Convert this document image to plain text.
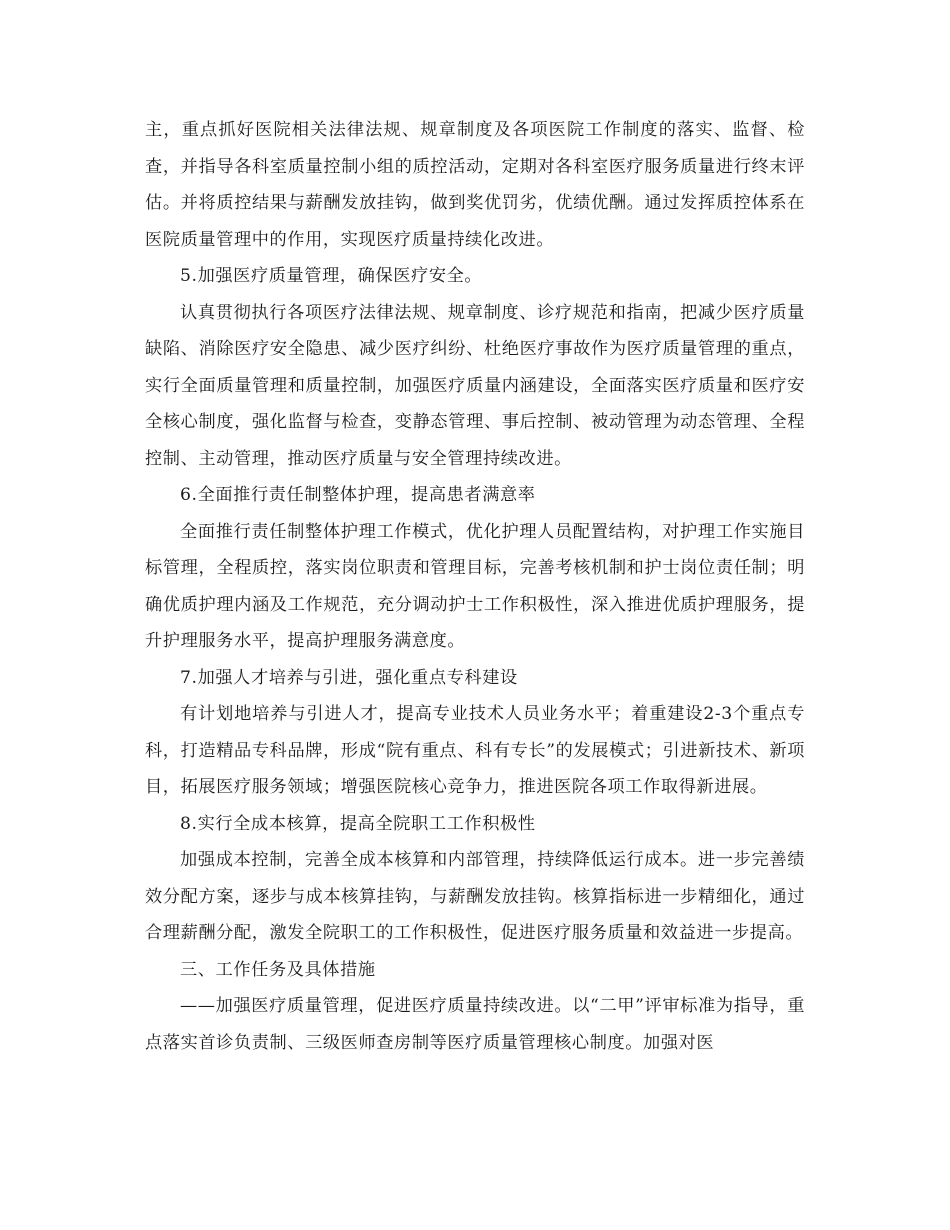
主，重点抓好医院相关法律法规、规章制度及各项医院工作制度的落实、监督、检查，并指导各科室质量控制小组的质控活动，定期对各科室医疗服务质量进行终末评估。并将质控结果与薪酬发放挂钩，做到奖优罚劣，优绩优酬。通过发挥质控体系在医院质量管理中的作用，实现医疗质量持续化改进。

5.加强医疗质量管理，确保医疗安全。

认真贯彻执行各项医疗法律法规、规章制度、诊疗规范和指南，把减少医疗质量缺陷、消除医疗安全隐患、减少医疗纠纷、杜绝医疗事故作为医疗质量管理的重点，实行全面质量管理和质量控制，加强医疗质量内涵建设，全面落实医疗质量和医疗安全核心制度，强化监督与检查，变静态管理、事后控制、被动管理为动态管理、全程控制、主动管理，推动医疗质量与安全管理持续改进。

6.全面推行责任制整体护理，提高患者满意率

全面推行责任制整体护理工作模式，优化护理人员配置结构，对护理工作实施目标管理，全程质控，落实岗位职责和管理目标，完善考核机制和护士岗位责任制；明确优质护理内涵及工作规范，充分调动护士工作积极性，深入推进优质护理服务，提升护理服务水平，提高护理服务满意度。

7.加强人才培养与引进，强化重点专科建设

有计划地培养与引进人才，提高专业技术人员业务水平；着重建设2-3个重点专科，打造精品专科品牌，形成“院有重点、科有专长”的发展模式；引进新技术、新项目，拓展医疗服务领域；增强医院核心竞争力，推进医院各项工作取得新进展。

8.实行全成本核算，提高全院职工工作积极性

加强成本控制，完善全成本核算和内部管理，持续降低运行成本。进一步完善绩效分配方案，逐步与成本核算挂钩，与薪酬发放挂钩。核算指标进一步精细化，通过合理薪酬分配，激发全院职工的工作积极性，促进医疗服务质量和效益进一步提高。

三、工作任务及具体措施

——加强医疗质量管理，促进医疗质量持续改进。以“二甲”评审标准为指导，重点落实首诊负责制、三级医师查房制等医疗质量管理核心制度。加强对医
